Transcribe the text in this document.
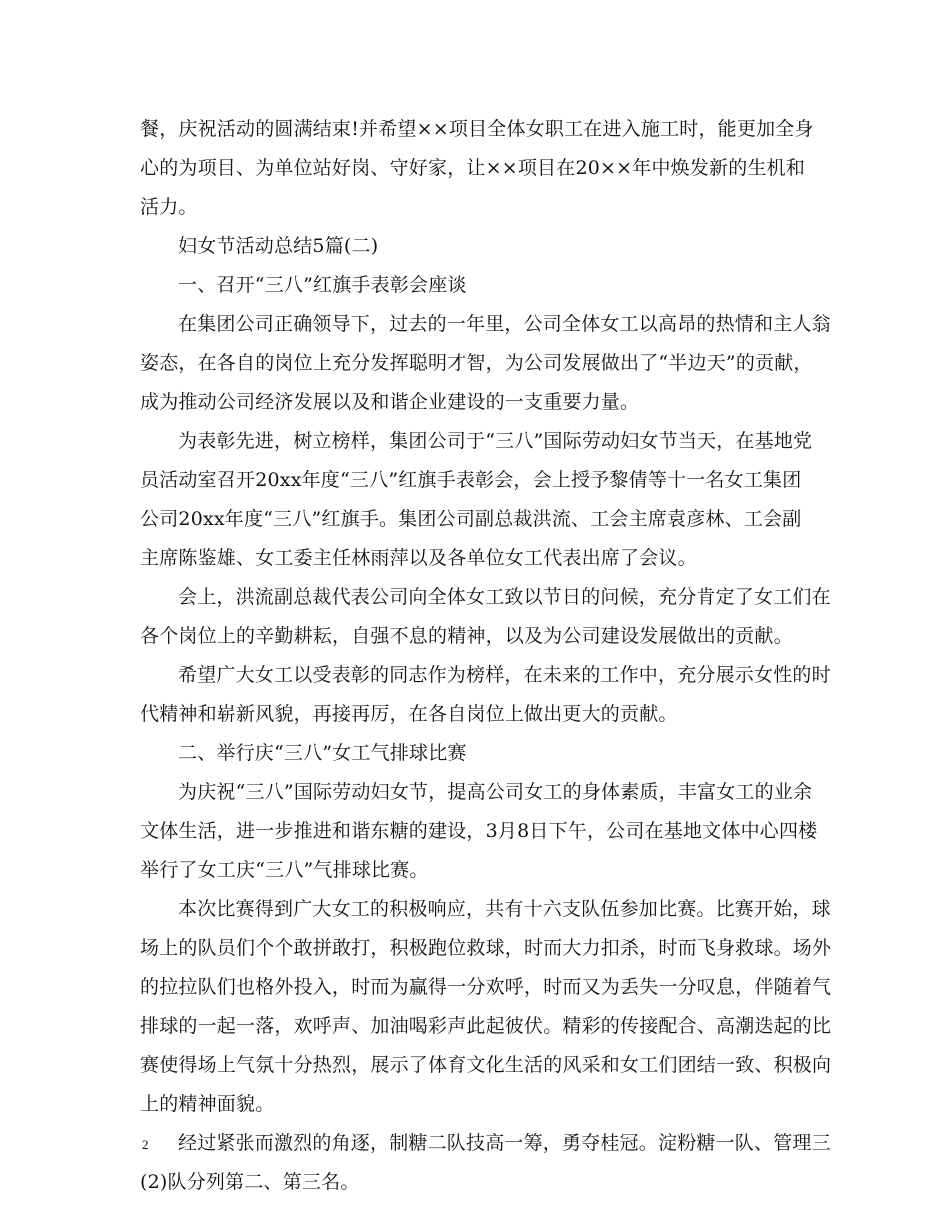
餐，庆祝活动的圆满结束!并希望××项目全体女职工在进入施工时，能更加全身
心的为项目、为单位站好岗、守好家，让××项目在20××年中焕发新的生机和
活力。
妇女节活动总结5篇(二)
一、召开“三八”红旗手表彰会座谈
在集团公司正确领导下，过去的一年里，公司全体女工以高昂的热情和主人翁
姿态，在各自的岗位上充分发挥聪明才智，为公司发展做出了“半边天”的贡献，
成为推动公司经济发展以及和谐企业建设的一支重要力量。
为表彰先进，树立榜样，集团公司于“三八”国际劳动妇女节当天，在基地党
员活动室召开20xx年度“三八”红旗手表彰会，会上授予黎倩等十一名女工集团
公司20xx年度“三八”红旗手。集团公司副总裁洪流、工会主席袁彦林、工会副
主席陈鉴雄、女工委主任林雨萍以及各单位女工代表出席了会议。
会上，洪流副总裁代表公司向全体女工致以节日的问候，充分肯定了女工们在
各个岗位上的辛勤耕耘，自强不息的精神，以及为公司建设发展做出的贡献。
希望广大女工以受表彰的同志作为榜样，在未来的工作中，充分展示女性的时
代精神和崭新风貌，再接再厉，在各自岗位上做出更大的贡献。
二、举行庆“三八”女工气排球比赛
为庆祝“三八”国际劳动妇女节，提高公司女工的身体素质，丰富女工的业余
文体生活，进一步推进和谐东糖的建设，3月8日下午，公司在基地文体中心四楼
举行了女工庆“三八”气排球比赛。
本次比赛得到广大女工的积极响应，共有十六支队伍参加比赛。比赛开始，球
场上的队员们个个敢拼敢打，积极跑位救球，时而大力扣杀，时而飞身救球。场外
的拉拉队们也格外投入，时而为赢得一分欢呼，时而又为丢失一分叹息，伴随着气
排球的一起一落，欢呼声、加油喝彩声此起彼伏。精彩的传接配合、高潮迭起的比
赛使得场上气氛十分热烈，展示了体育文化生活的风采和女工们团结一致、积极向
上的精神面貌。
经过紧张而激烈的角逐，制糖二队技高一筹，勇夺桂冠。淀粉糖一队、管理三
(2)队分列第二、第三名。
2
